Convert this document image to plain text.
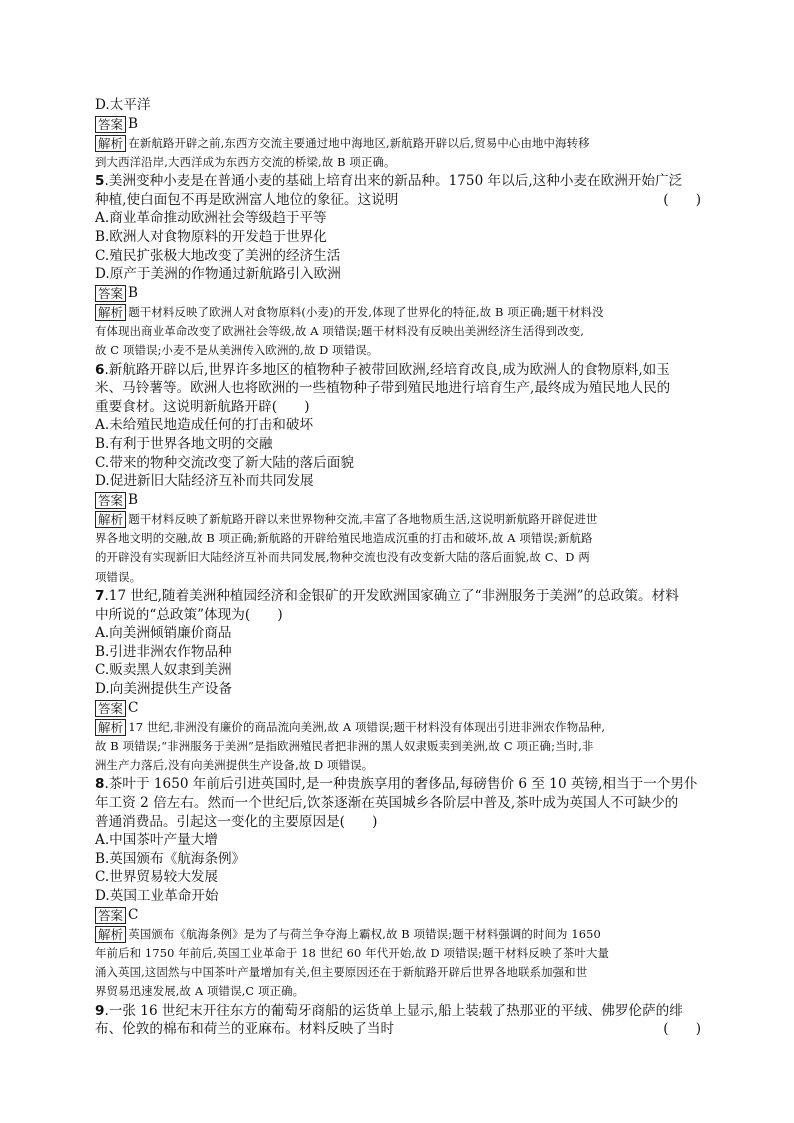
D.太平洋
答案 B
解析 在新航路开辟之前,东西方交流主要通过地中海地区,新航路开辟以后,贸易中心由地中海转移
到大西洋沿岸,大西洋成为东西方交流的桥梁,故 B 项正确。
5.美洲变种小麦是在普通小麦的基础上培育出来的新品种。1750 年以后,这种小麦在欧洲开始广泛
种植,使白面包不再是欧洲富人地位的象征。这说明	(　　)
A.商业革命推动欧洲社会等级趋于平等
B.欧洲人对食物原料的开发趋于世界化
C.殖民扩张极大地改变了美洲的经济生活
D.原产于美洲的作物通过新航路引入欧洲
答案 B
解析 题干材料反映了欧洲人对食物原料(小麦)的开发,体现了世界化的特征,故 B 项正确;题干材料没
有体现出商业革命改变了欧洲社会等级,故 A 项错误;题干材料没有反映出美洲经济生活得到改变,
故 C 项错误;小麦不是从美洲传入欧洲的,故 D 项错误。
6.新航路开辟以后,世界许多地区的植物种子被带回欧洲,经培育改良,成为欧洲人的食物原料,如玉
米、马铃薯等。欧洲人也将欧洲的一些植物种子带到殖民地进行培育生产,最终成为殖民地人民的
重要食材。这说明新航路开辟(　　)
A.未给殖民地造成任何的打击和破坏
B.有利于世界各地文明的交融
C.带来的物种交流改变了新大陆的落后面貌
D.促进新旧大陆经济互补而共同发展
答案 B
解析 题干材料反映了新航路开辟以来世界物种交流,丰富了各地物质生活,这说明新航路开辟促进世
界各地文明的交融,故 B 项正确;新航路的开辟给殖民地造成沉重的打击和破坏,故 A 项错误;新航路
的开辟没有实现新旧大陆经济互补而共同发展,物种交流也没有改变新大陆的落后面貌,故 C、D 两
项错误。
7.17 世纪,随着美洲种植园经济和金银矿的开发欧洲国家确立了“非洲服务于美洲”的总政策。材料
中所说的“总政策”体现为(　　)
A.向美洲倾销廉价商品
B.引进非洲农作物品种
C.贩卖黑人奴隶到美洲
D.向美洲提供生产设备
答案 C
解析 17 世纪,非洲没有廉价的商品流向美洲,故 A 项错误;题干材料没有体现出引进非洲农作物品种,
故 B 项错误;“非洲服务于美洲”是指欧洲殖民者把非洲的黑人奴隶贩卖到美洲,故 C 项正确;当时,非
洲生产力落后,没有向美洲提供生产设备,故 D 项错误。
8.茶叶于 1650 年前后引进英国时,是一种贵族享用的奢侈品,每磅售价 6 至 10 英镑,相当于一个男仆
年工资 2 倍左右。然而一个世纪后,饮茶逐渐在英国城乡各阶层中普及,茶叶成为英国人不可缺少的
普通消费品。引起这一变化的主要原因是(　　)
A.中国茶叶产量大增
B.英国颁布《航海条例》
C.世界贸易较大发展
D.英国工业革命开始
答案 C
解析 英国颁布《航海条例》是为了与荷兰争夺海上霸权,故 B 项错误;题干材料强调的时间为 1650
年前后和 1750 年前后,英国工业革命于 18 世纪 60 年代开始,故 D 项错误;题干材料反映了茶叶大量
涌入英国,这固然与中国茶叶产量增加有关,但主要原因还在于新航路开辟后世界各地联系加强和世
界贸易迅速发展,故 A 项错误,C 项正确。
9.一张 16 世纪末开往东方的葡萄牙商船的运货单上显示,船上装载了热那亚的平绒、佛罗伦萨的绯
布、伦敦的棉布和荷兰的亚麻布。材料反映了当时	(　　)
